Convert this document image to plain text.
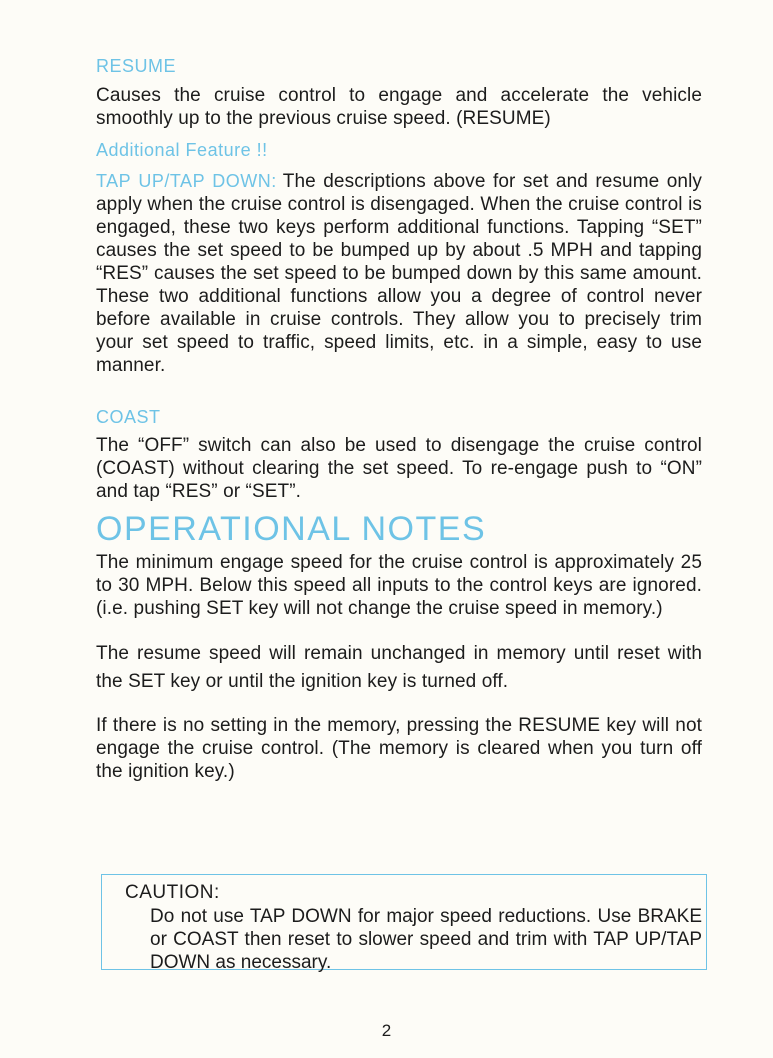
RESUME

Causes the cruise control to engage and accelerate the vehicle smoothly up to the previous cruise speed. (RESUME)

Additional Feature !!

TAP UP/TAP DOWN: The descriptions above for set and resume only apply when the cruise control is disengaged. When the cruise control is engaged, these two keys perform additional functions. Tapping “SET” causes the set speed to be bumped up by about .5 MPH and tapping “RES” causes the set speed to be bumped down by this same amount. These two additional functions allow you a degree of control never before available in cruise controls. They allow you to precisely trim your set speed to traffic, speed limits, etc. in a simple, easy to use manner.

COAST

The “OFF” switch can also be used to disengage the cruise control (COAST) without clearing the set speed. To re-engage push to “ON” and tap “RES” or “SET”.

OPERATIONAL NOTES

The minimum engage speed for the cruise control is approximately 25 to 30 MPH. Below this speed all inputs to the control keys are ignored. (i.e. pushing SET key will not change the cruise speed in memory.)

The resume speed will remain unchanged in memory until reset with the SET key or until the ignition key is turned off.

If there is no setting in the memory, pressing the RESUME key will not engage the cruise control. (The memory is cleared when you turn off the ignition key.)

CAUTION:

Do not use TAP DOWN for major speed reductions. Use BRAKE or COAST then reset to slower speed and trim with TAP UP/TAP DOWN as necessary.

2
